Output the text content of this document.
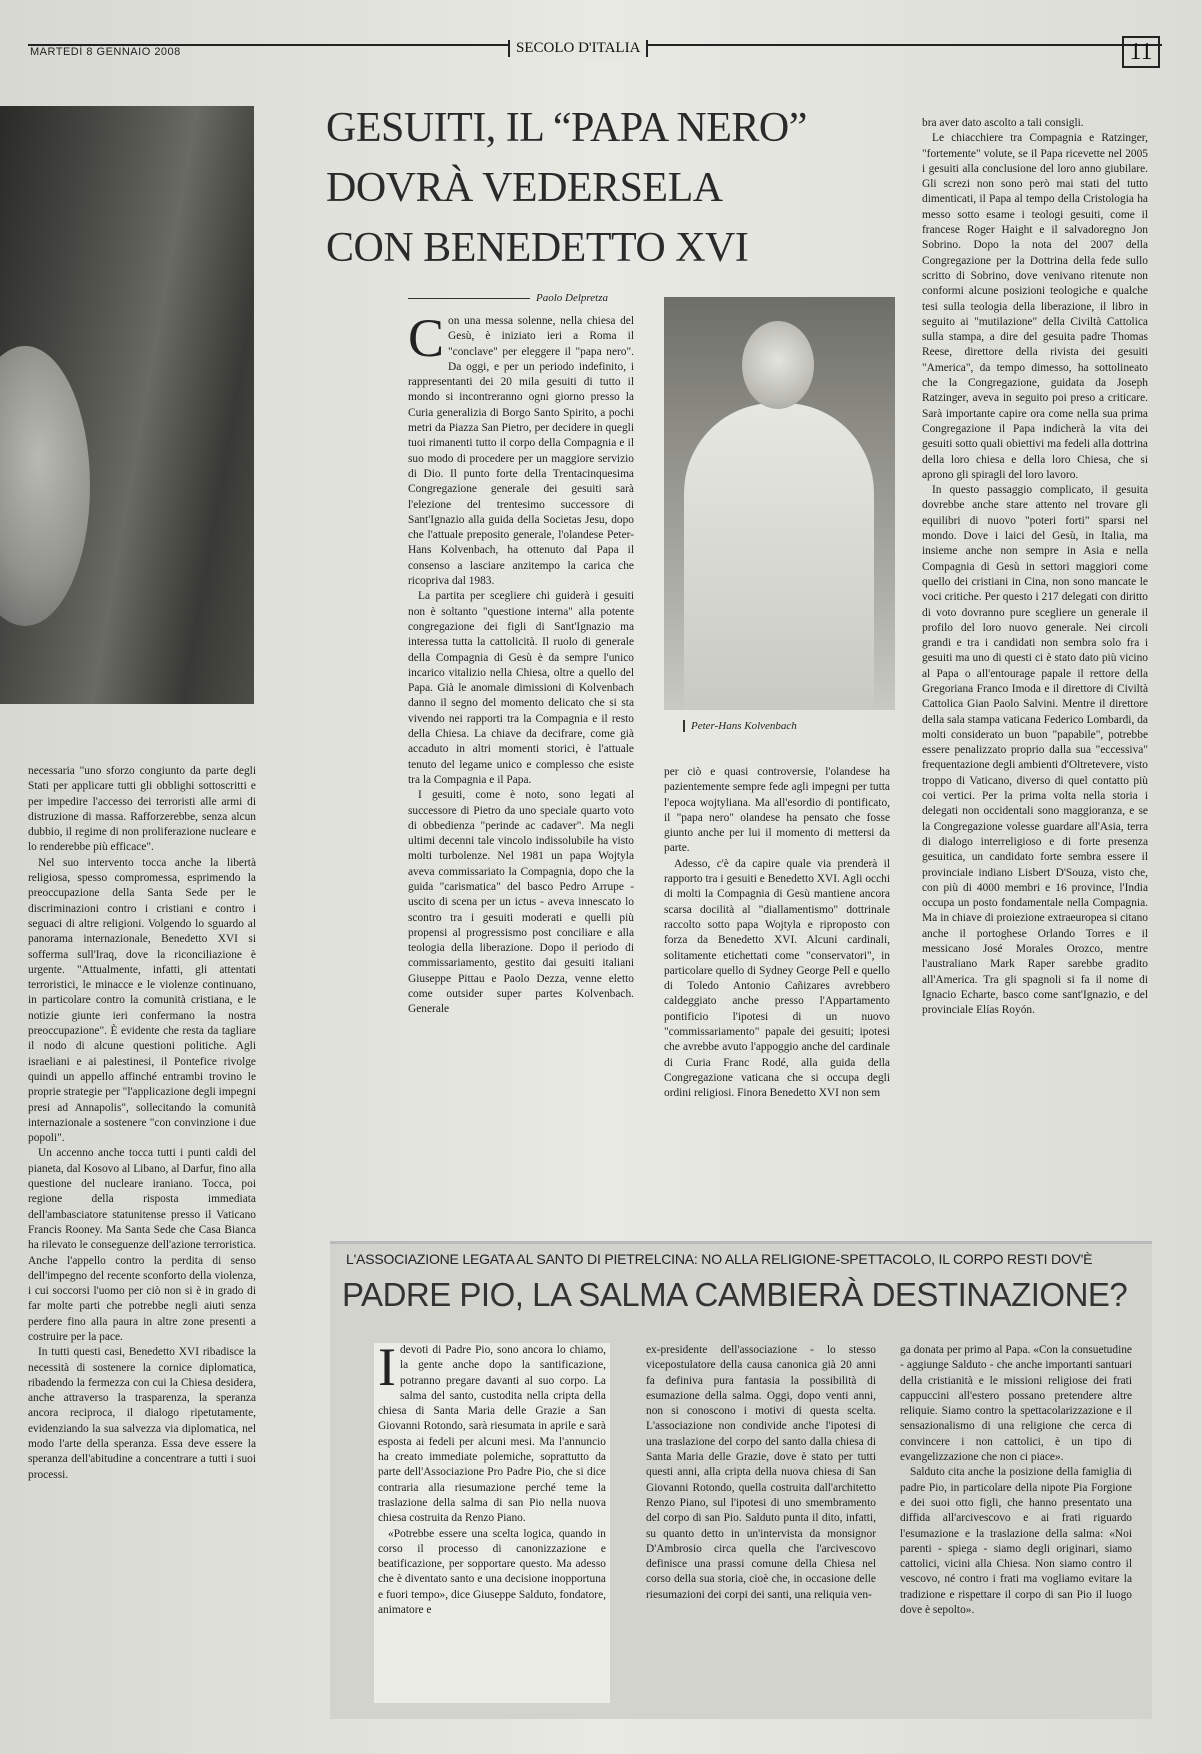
MARTEDÌ 8 GENNAIO 2008	SECOLO D'ITALIA	11
GESUITI, IL “PAPA NERO”
DOVRÀ VEDERSELA
CON BENEDETTO XVI
Paolo Delpretza

Con una messa solenne, nella chiesa del Gesù, è iniziato ieri a Roma il "conclave" per eleggere il "papa nero". Da oggi, e per un periodo indefinito, i rappresentanti dei 20 mila gesuiti di tutto il mondo si incontreranno ogni giorno presso la Curia generalizia di Borgo Santo Spirito, a pochi metri da Piazza San Pietro, per decidere in quegli tuoi rimanenti tutto il corpo della Compagnia e il suo modo di procedere per un maggiore servizio di Dio. Il punto forte della Trentacinquesima Congregazione generale dei gesuiti sarà l'elezione del trentesimo successore di Sant'Ignazio alla guida della Societas Jesu, dopo che l'attuale preposito generale, l'olandese Peter-Hans Kolvenbach, ha ottenuto dal Papa il consenso a lasciare anzitempo la carica che ricopriva dal 1983.

La partita per scegliere chi guiderà i gesuiti non è soltanto "questione interna" alla potente congregazione dei figli di Sant'Ignazio ma interessa tutta la cattolicità. Il ruolo di generale della Compagnia di Gesù è da sempre l'unico incarico vitalizio nella Chiesa, oltre a quello del Papa. Già le anomale dimissioni di Kolvenbach danno il segno del momento delicato che si sta vivendo nei rapporti tra la Compagnia e il resto della Chiesa. La chiave da decifrare, come già accaduto in altri momenti storici, è l'attuale tenuto del legame unico e complesso che esiste tra la Compagnia e il Papa.

I gesuiti, come è noto, sono legati al successore di Pietro da uno speciale quarto voto di obbedienza "perinde ac cadaver". Ma negli ultimi decenni tale vincolo indissolubile ha visto molti turbolenze. Nel 1981 un papa Wojtyla aveva commissariato la Compagnia, dopo che la guida "carismatica" del basco Pedro Arrupe - uscito di scena per un ictus - aveva innescato lo scontro tra i gesuiti moderati e quelli più propensi al progressismo post conciliare e alla teologia della liberazione. Dopo il periodo di commissariamento, gestito dai gesuiti italiani Giuseppe Pittau e Paolo Dezza, venne eletto come outsider super partes Kolvenbach. Generale

Peter-Hans Kolvenbach

per ciò e quasi controversie, l'olandese ha pazientemente sempre fede agli impegni per tutta l'epoca wojtyliana. Ma all'esordio di pontificato, il "papa nero" olandese ha pensato che fosse giunto anche per lui il momento di mettersi da parte.

Adesso, c'è da capire quale via prenderà il rapporto tra i gesuiti e Benedetto XVI. Agli occhi di molti la Compagnia di Gesù mantiene ancora scarsa docilità al "diallamentismo" dottrinale raccolto sotto papa Wojtyla e riproposto con forza da Benedetto XVI. Alcuni cardinali, solitamente etichettati come "conservatori", in particolare quello di Sydney George Pell e quello di Toledo Antonio Cañizares avrebbero caldeggiato anche presso l'Appartamento pontificio l'ipotesi di un nuovo "commissariamento" papale dei gesuiti; ipotesi che avrebbe avuto l'appoggio anche del cardinale di Curia Franc Rodé, alla guida della Congregazione vaticana che si occupa degli ordini religiosi. Finora Benedetto XVI non sem

bra aver dato ascolto a tali consigli.

Le chiacchiere tra Compagnia e Ratzinger, "fortemente" volute, se il Papa ricevette nel 2005 i gesuiti alla conclusione del loro anno giubilare. Gli screzi non sono però mai stati del tutto dimenticati, il Papa al tempo della Cristologia ha messo sotto esame i teologi gesuiti, come il francese Roger Haight e il salvadoregno Jon Sobrino. Dopo la nota del 2007 della Congregazione per la Dottrina della fede sullo scritto di Sobrino, dove venivano ritenute non conformi alcune posizioni teologiche e qualche tesi sulla teologia della liberazione, il libro in seguito ai "mutilazione" della Civiltà Cattolica sulla stampa, a dire del gesuita padre Thomas Reese, direttore della rivista dei gesuiti "America", da tempo dimesso, ha sottolineato che la Congregazione, guidata da Joseph Ratzinger, aveva in seguito poi preso a criticare. Sarà importante capire ora come nella sua prima Congregazione il Papa indicherà la vita dei gesuiti sotto quali obiettivi ma fedeli alla dottrina della loro chiesa e della loro Chiesa, che si aprono gli spiragli del loro lavoro.

In questo passaggio complicato, il gesuita dovrebbe anche stare attento nel trovare gli equilibri di nuovo "poteri forti" sparsi nel mondo. Dove i laici del Gesù, in Italia, ma insieme anche non sempre in Asia e nella Compagnia di Gesù in settori maggiori come quello dei cristiani in Cina, non sono mancate le voci critiche. Per questo i 217 delegati con diritto di voto dovranno pure scegliere un generale il profilo del loro nuovo generale. Nei circoli grandi e tra i candidati non sembra solo fra i gesuiti ma uno di questi ci è stato dato più vicino al Papa o all'entourage papale il rettore della Gregoriana Franco Imoda e il direttore di Civiltà Cattolica Gian Paolo Salvini. Mentre il direttore della sala stampa vaticana Federico Lombardi, da molti considerato un buon "papabile", potrebbe essere penalizzato proprio dalla sua "eccessiva" frequentazione degli ambienti d'Oltretevere, visto troppo di Vaticano, diverso di quel contatto più coi vertici. Per la prima volta nella storia i delegati non occidentali sono maggioranza, e se la Congregazione volesse guardare all'Asia, terra di dialogo interreligioso e di forte presenza gesuitica, un candidato forte sembra essere il provinciale indiano Lisbert D'Souza, visto che, con più di 4000 membri e 16 province, l'India occupa un posto fondamentale nella Compagnia. Ma in chiave di proiezione extraeuropea si citano anche il portoghese Orlando Torres e il messicano José Morales Orozco, mentre l'australiano Mark Raper sarebbe gradito all'America. Tra gli spagnoli si fa il nome di Ignacio Echarte, basco come sant'Ignazio, e del provinciale Elías Royón.

necessaria "uno sforzo congiunto da parte degli Stati per applicare tutti gli obblighi sottoscritti e per impedire l'accesso dei terroristi alle armi di distruzione di massa. Rafforzerebbe, senza alcun dubbio, il regime di non proliferazione nucleare e lo renderebbe più efficace".

Nel suo intervento tocca anche la libertà religiosa, spesso compromessa, esprimendo la preoccupazione della Santa Sede per le discriminazioni contro i cristiani e contro i seguaci di altre religioni. Volgendo lo sguardo al panorama internazionale, Benedetto XVI si sofferma sull'Iraq, dove la riconciliazione è urgente. "Attualmente, infatti, gli attentati terroristici, le minacce e le violenze continuano, in particolare contro la comunità cristiana, e le notizie giunte ieri confermano la nostra preoccupazione". È evidente che resta da tagliare il nodo di alcune questioni politiche. Agli israeliani e ai palestinesi, il Pontefice rivolge quindi un appello affinché entrambi trovino le proprie strategie per "l'applicazione degli impegni presi ad Annapolis", sollecitando la comunità internazionale a sostenere "con convinzione i due popoli".

Un accenno anche tocca tutti i punti caldi del pianeta, dal Kosovo al Libano, al Darfur, fino alla questione del nucleare iraniano. Tocca, poi regione della risposta immediata dell'ambasciatore statunitense presso il Vaticano Francis Rooney. Ma Santa Sede che Casa Bianca ha rilevato le conseguenze dell'azione terroristica. Anche l'appello contro la perdita di senso dell'impegno del recente sconforto della violenza, i cui soccorsi l'uomo per ciò non si è in grado di far molte parti che potrebbe negli aiuti senza perdere fino alla paura in altre zone presenti a costruire per la pace.

In tutti questi casi, Benedetto XVI ribadisce la necessità di sostenere la cornice diplomatica, ribadendo la fermezza con cui la Chiesa desidera, anche attraverso la trasparenza, la speranza ancora reciproca, il dialogo ripetutamente, evidenziando la sua salvezza via diplomatica, nel modo l'arte della speranza. Essa deve essere la speranza dell'abitudine a concentrare a tutti i suoi processi.

L'ASSOCIAZIONE LEGATA AL SANTO DI PIETRELCINA: NO ALLA RELIGIONE-SPETTACOLO, IL CORPO RESTI DOV'È
PADRE PIO, LA SALMA CAMBIERÀ DESTINAZIONE?

Idevoti di Padre Pio, sono ancora lo chiamo, la gente anche dopo la santificazione, potranno pregare davanti al suo corpo. La salma del santo, custodita nella cripta della chiesa di Santa Maria delle Grazie a San Giovanni Rotondo, sarà riesumata in aprile e sarà esposta ai fedeli per alcuni mesi. Ma l'annuncio ha creato immediate polemiche, soprattutto da parte dell'Associazione Pro Padre Pio, che si dice contraria alla riesumazione perché teme la traslazione della salma di san Pio nella nuova chiesa costruita da Renzo Piano.

«Potrebbe essere una scelta logica, quando in corso il processo di canonizzazione e beatificazione, per sopportare questo. Ma adesso che è diventato santo e una decisione inopportuna e fuori tempo», dice Giuseppe Salduto, fondatore, animatore e

ex-presidente dell'associazione - lo stesso vicepostulatore della causa canonica già 20 anni fa definiva pura fantasia la possibilità di esumazione della salma. Oggi, dopo venti anni, non si conoscono i motivi di questa scelta. L'associazione non condivide anche l'ipotesi di una traslazione del corpo del santo dalla chiesa di Santa Maria delle Grazie, dove è stato per tutti questi anni, alla cripta della nuova chiesa di San Giovanni Rotondo, quella costruita dall'architetto Renzo Piano, sul l'ipotesi di uno smembramento del corpo di san Pio. Salduto punta il dito, infatti, su quanto detto in un'intervista da monsignor D'Ambrosio circa quella che l'arcivescovo definisce una prassi comune della Chiesa nel corso della sua storia, cioè che, in occasione delle riesumazioni dei corpi dei santi, una reliquia ven-

ga donata per primo al Papa. «Con la consuetudine - aggiunge Salduto - che anche importanti santuari della cristianità e le missioni religiose dei frati cappuccini all'estero possano pretendere altre reliquie. Siamo contro la spettacolarizzazione e il sensazionalismo di una religione che cerca di convincere i non cattolici, è un tipo di evangelizzazione che non ci piace».

Salduto cita anche la posizione della famiglia di padre Pio, in particolare della nipote Pia Forgione e dei suoi otto figli, che hanno presentato una diffida all'arcivescovo e ai frati riguardo l'esumazione e la traslazione della salma: «Noi parenti - spiega - siamo degli originari, siamo cattolici, vicini alla Chiesa. Non siamo contro il vescovo, né contro i frati ma vogliamo evitare la tradizione e rispettare il corpo di san Pio il luogo dove è sepolto».
